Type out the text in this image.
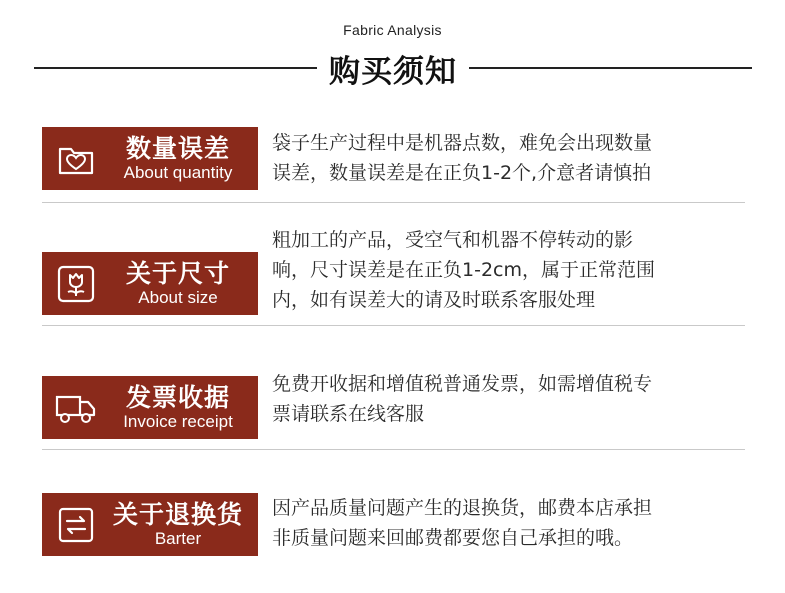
Fabric Analysis
购买须知
数量误差
About quantity
袋子生产过程中是机器点数，难免会出现数量
误差，数量误差是在正负1-2个,介意者请慎拍
关于尺寸
About size
粗加工的产品，受空气和机器不停转动的影
响，尺寸误差是在正负1-2cm，属于正常范围
内，如有误差大的请及时联系客服处理
发票收据
Invoice receipt
免费开收据和增值税普通发票，如需增值税专
票请联系在线客服
关于退换货
Barter
因产品质量问题产生的退换货，邮费本店承担
非质量问题来回邮费都要您自己承担的哦。
